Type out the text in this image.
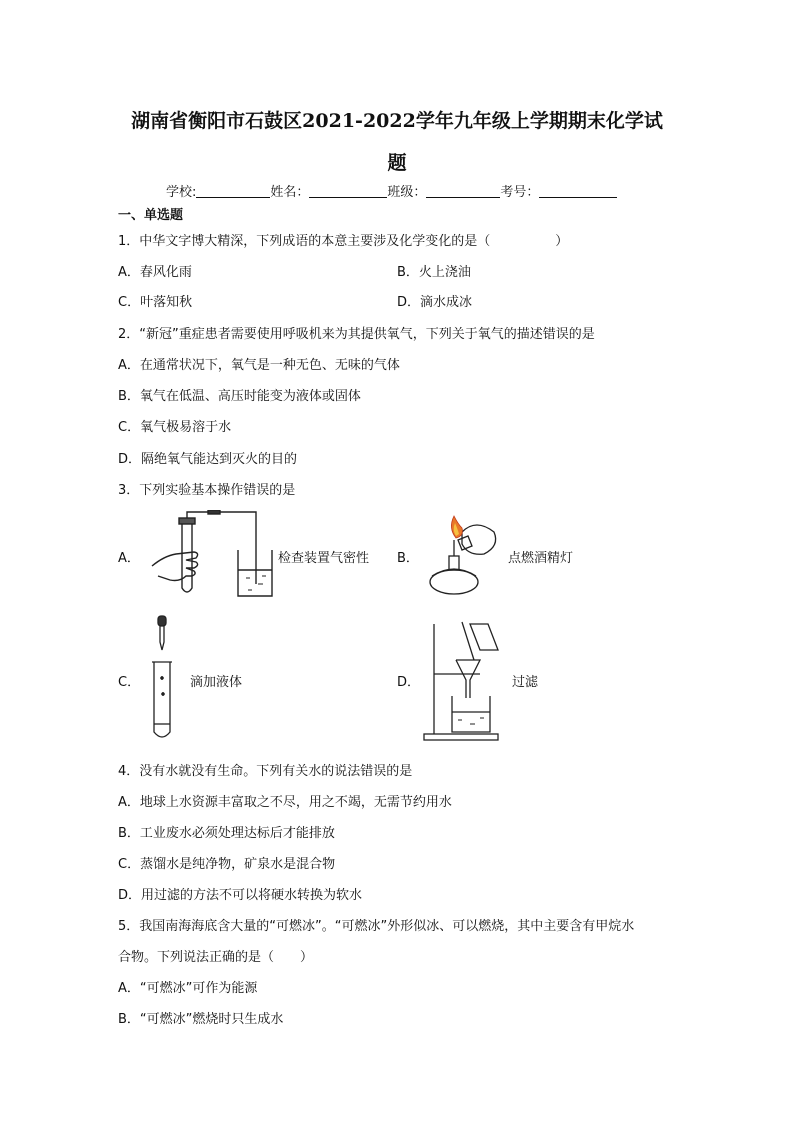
湖南省衡阳市石鼓区2021-2022学年九年级上学期期末化学试
题
学校:	姓名：	班级：	考号：
一、单选题
1．中华文字博大精深，下列成语的本意主要涉及化学变化的是（　　　　　）
A．春风化雨	B．火上浇油
C．叶落知秋	D．滴水成冰
2．“新冠”重症患者需要使用呼吸机来为其提供氧气，下列关于氧气的描述错误的是
A．在通常状况下，氧气是一种无色、无味的气体
B．氧气在低温、高压时能变为液体或固体
C．氧气极易溶于水
D．隔绝氧气能达到灭火的目的
3．下列实验基本操作错误的是
A．	检查装置气密性 B．	点燃酒精灯
C．	滴加液体	D．	过滤
4．没有水就没有生命。下列有关水的说法错误的是
A．地球上水资源丰富取之不尽，用之不竭，无需节约用水
B．工业废水必须处理达标后才能排放
C．蒸馏水是纯净物，矿泉水是混合物
D．用过滤的方法不可以将硬水转换为软水
5．我国南海海底含大量的“可燃冰”。“可燃冰”外形似冰、可以燃烧，其中主要含有甲烷水
合物。下列说法正确的是（　　）
A．“可燃冰”可作为能源
B．“可燃冰”燃烧时只生成水
